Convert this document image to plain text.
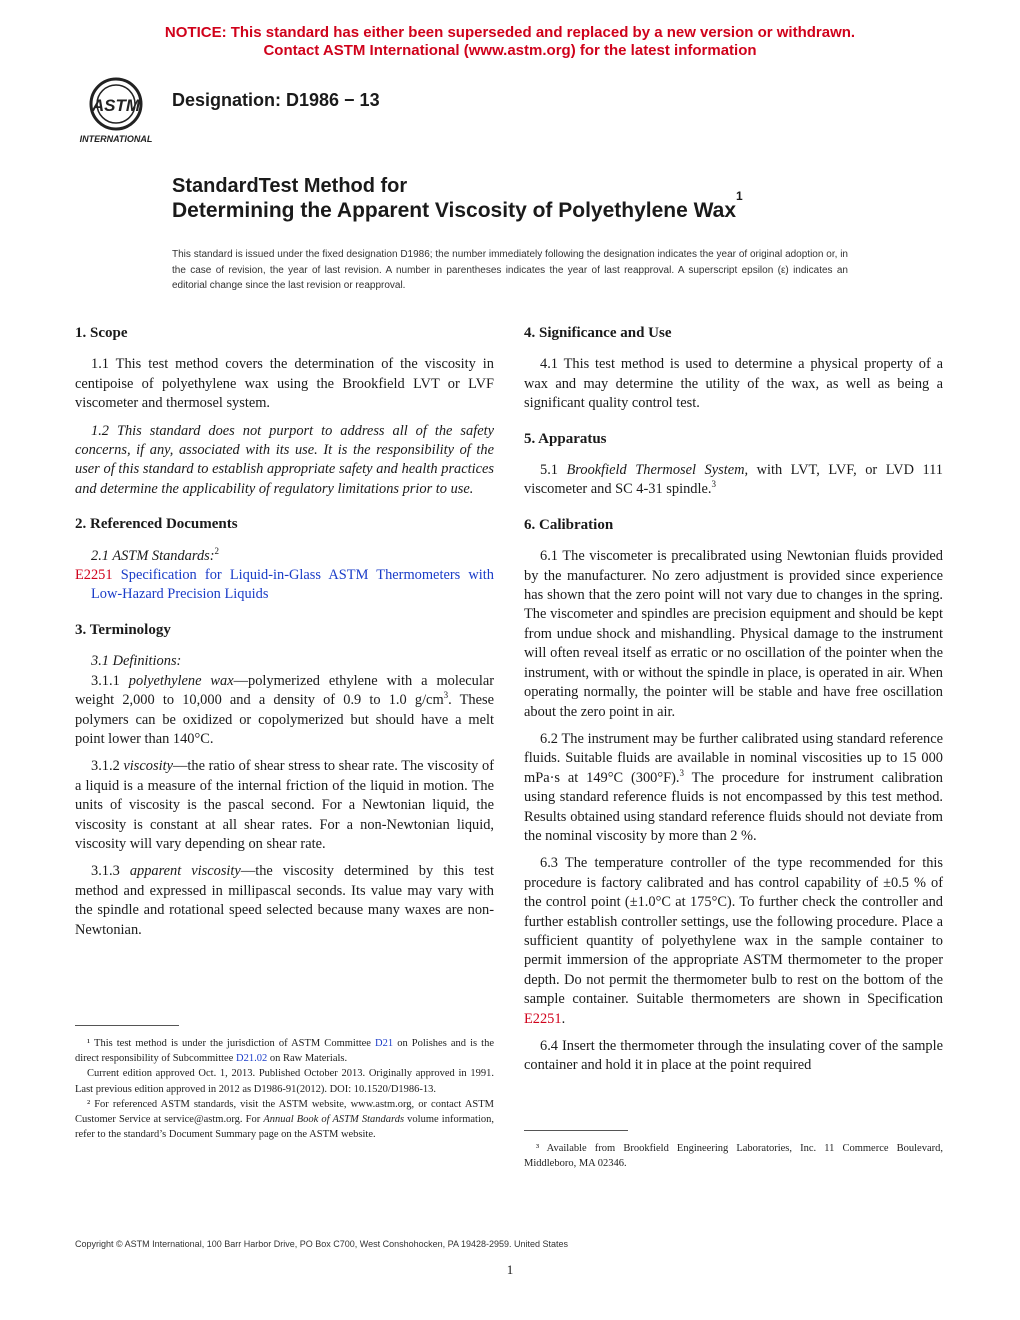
NOTICE: This standard has either been superseded and replaced by a new version or withdrawn.
Contact ASTM International (www.astm.org) for the latest information
ASTM
INTERNATIONAL
Designation: D1986 − 13
StandardTest Method for
Determining the Apparent Viscosity of Polyethylene Wax$^1$
This standard is issued under the fixed designation D1986; the number immediately following the designation indicates the year of original adoption or, in the case of revision, the year of last revision. A number in parentheses indicates the year of last reapproval. A superscript epsilon (ε) indicates an editorial change since the last revision or reapproval.
1. Scope

1.1 This test method covers the determination of the viscosity in centipoise of polyethylene wax using the Brookfield LVT or LVF viscometer and thermosel system.

1.2 This standard does not purport to address all of the safety concerns, if any, associated with its use. It is the responsibility of the user of this standard to establish appropriate safety and health practices and determine the applicability of regulatory limitations prior to use.

2. Referenced Documents

2.1 ASTM Standards:$^2$

E2251 Specification for Liquid-in-Glass ASTM Thermometers with Low-Hazard Precision Liquids

3. Terminology

3.1 Definitions:

3.1.1 polyethylene wax—polymerized ethylene with a molecular weight 2,000 to 10,000 and a density of 0.9 to 1.0 $g/cm^3$. These polymers can be oxidized or copolymerized but should have a melt point lower than 140°C.

3.1.2 viscosity—the ratio of shear stress to shear rate. The viscosity of a liquid is a measure of the internal friction of the liquid in motion. The units of viscosity is the pascal second. For a Newtonian liquid, the viscosity is constant at all shear rates. For a non-Newtonian liquid, viscosity will vary depending on shear rate.

3.1.3 apparent viscosity—the viscosity determined by this test method and expressed in millipascal seconds. Its value may vary with the spindle and rotational speed selected because many waxes are non-Newtonian.

4. Significance and Use

4.1 This test method is used to determine a physical property of a wax and may determine the utility of the wax, as well as being a significant quality control test.

5. Apparatus

5.1 Brookfield Thermosel System, with LVT, LVF, or LVD 111 viscometer and SC 4-31 spindle.$^3$

6. Calibration

6.1 The viscometer is precalibrated using Newtonian fluids provided by the manufacturer. No zero adjustment is provided since experience has shown that the zero point will not vary due to changes in the spring. The viscometer and spindles are precision equipment and should be kept from undue shock and mishandling. Physical damage to the instrument will often reveal itself as erratic or no oscillation of the pointer when the instrument, with or without the spindle in place, is operated in air. When operating normally, the pointer will be stable and have free oscillation about the zero point in air.

6.2 The instrument may be further calibrated using standard reference fluids. Suitable fluids are available in nominal viscosities up to 15 000 mPa·s at 149°C (300°F).$^3$ The procedure for instrument calibration using standard reference fluids is not encompassed by this test method. Results obtained using standard reference fluids should not deviate from the nominal viscosity by more than 2 %.

6.3 The temperature controller of the type recommended for this procedure is factory calibrated and has control capability of ±0.5 % of the control point (±1.0°C at 175°C). To further check the controller and further establish controller settings, use the following procedure. Place a sufficient quantity of polyethylene wax in the sample container to permit immersion of the appropriate ASTM thermometer to the proper depth. Do not permit the thermometer bulb to rest on the bottom of the sample container. Suitable thermometers are shown in Specification E2251.

6.4 Insert the thermometer through the insulating cover of the sample container and hold it in place at the point required

¹ This test method is under the jurisdiction of ASTM Committee D21 on Polishes and is the direct responsibility of Subcommittee D21.02 on Raw Materials.

Current edition approved Oct. 1, 2013. Published October 2013. Originally approved in 1991. Last previous edition approved in 2012 as D1986-91(2012). DOI: 10.1520/D1986-13.

² For referenced ASTM standards, visit the ASTM website, www.astm.org, or contact ASTM Customer Service at service@astm.org. For Annual Book of ASTM Standards volume information, refer to the standard’s Document Summary page on the ASTM website.

³ Available from Brookfield Engineering Laboratories, Inc. 11 Commerce Boulevard, Middleboro, MA 02346.

Copyright © ASTM International, 100 Barr Harbor Drive, PO Box C700, West Conshohocken, PA 19428-2959. United States
1
